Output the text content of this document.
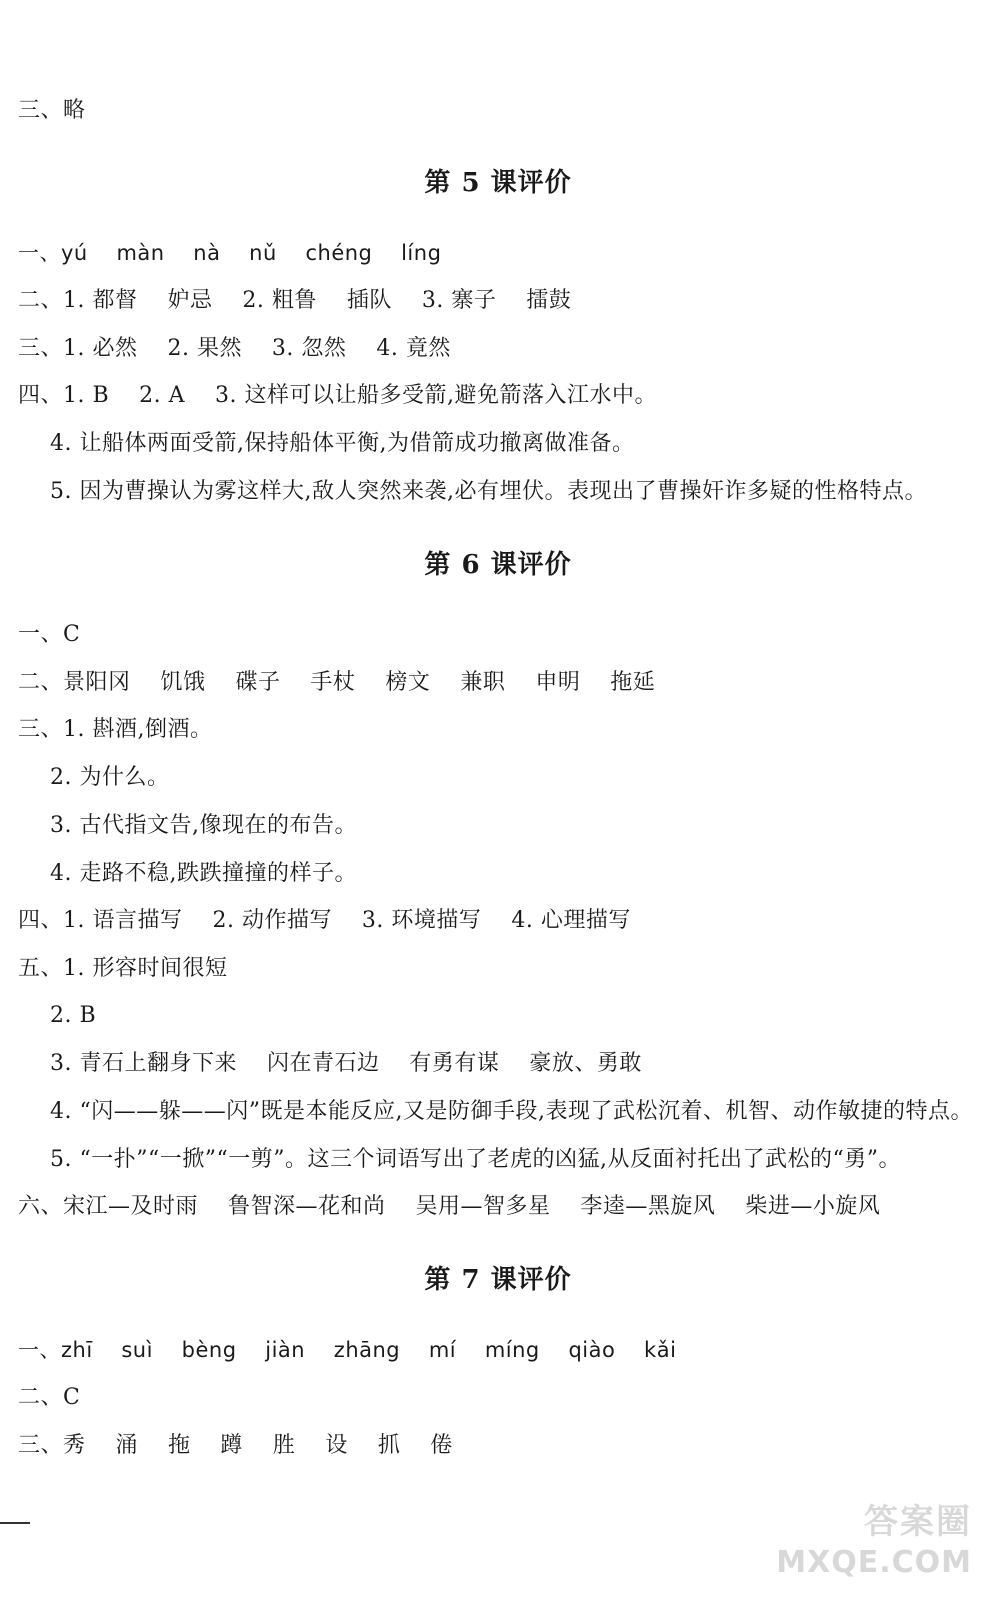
三、略
第 5 课评价
一、yú    màn    nà    nǔ    chéng    líng
二、1. 都督    妒忌    2. 粗鲁    插队    3. 寨子    擂鼓
三、1. 必然    2. 果然    3. 忽然    4. 竟然
四、1. B    2. A    3. 这样可以让船多受箭,避免箭落入江水中。
4. 让船体两面受箭,保持船体平衡,为借箭成功撤离做准备。
5. 因为曹操认为雾这样大,敌人突然来袭,必有埋伏。表现出了曹操奸诈多疑的性格特点。
第 6 课评价
一、C
二、景阳冈    饥饿    碟子    手杖    榜文    兼职    申明    拖延
三、1. 斟酒,倒酒。
2. 为什么。
3. 古代指文告,像现在的布告。
4. 走路不稳,跌跌撞撞的样子。
四、1. 语言描写    2. 动作描写    3. 环境描写    4. 心理描写
五、1. 形容时间很短
2. B
3. 青石上翻身下来    闪在青石边    有勇有谋    豪放、勇敢
4. “闪——躲——闪”既是本能反应,又是防御手段,表现了武松沉着、机智、动作敏捷的特点。
5. “一扑”“一掀”“一剪”。这三个词语写出了老虎的凶猛,从反面衬托出了武松的“勇”。
六、宋江—及时雨    鲁智深—花和尚    吴用—智多星    李逵—黑旋风    柴进—小旋风
第 7 课评价
一、zhī    suì    bèng    jiàn    zhāng    mí    míng    qiào    kǎi
二、C
三、秀    涌    拖    蹲    胜    设    抓    倦
答案圈
MXQE.COM
